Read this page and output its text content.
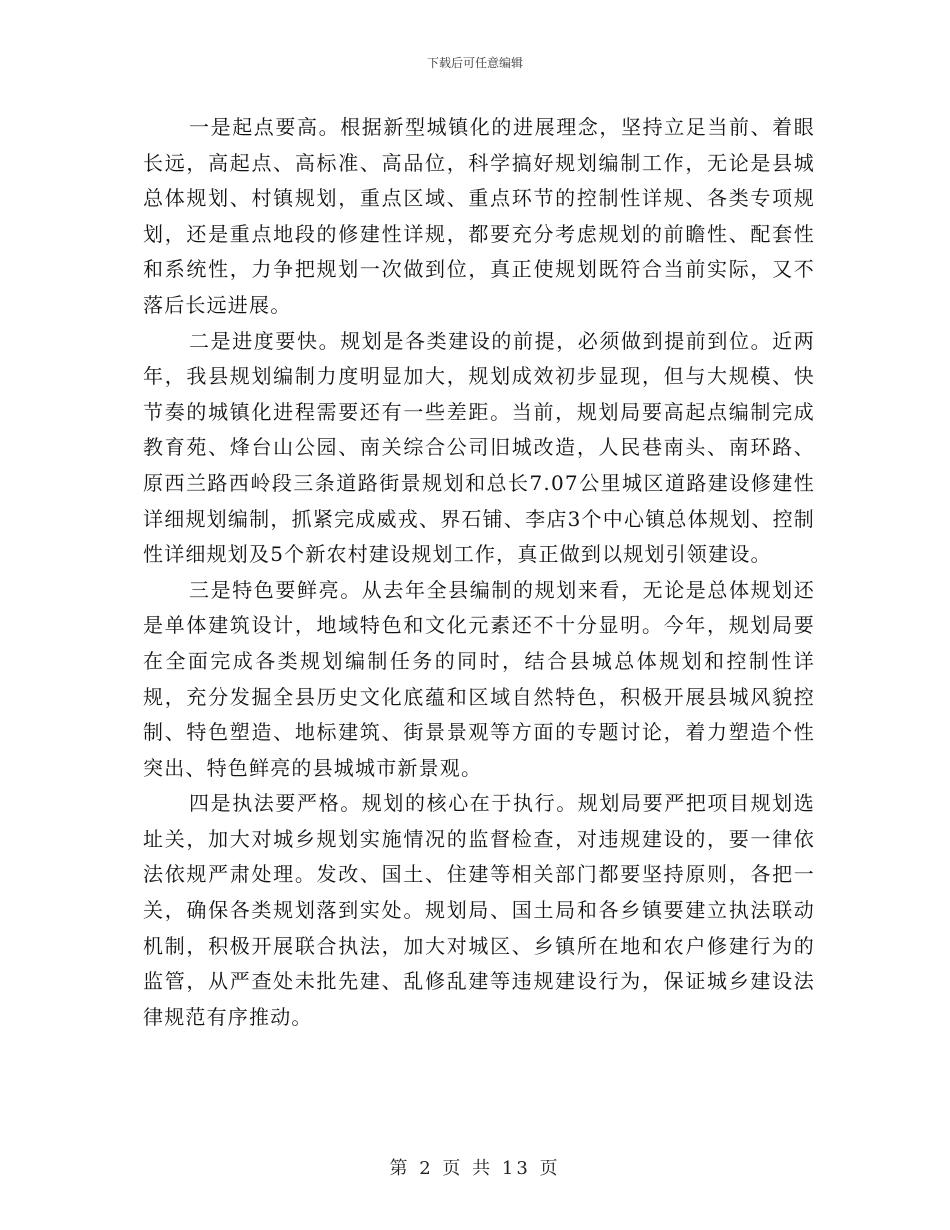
下载后可任意编辑

一是起点要高。根据新型城镇化的进展理念，坚持立足当前、着眼长远，高起点、高标准、高品位，科学搞好规划编制工作，无论是县城总体规划、村镇规划，重点区域、重点环节的控制性详规、各类专项规划，还是重点地段的修建性详规，都要充分考虑规划的前瞻性、配套性和系统性，力争把规划一次做到位，真正使规划既符合当前实际，又不落后长远进展。

二是进度要快。规划是各类建设的前提，必须做到提前到位。近两年，我县规划编制力度明显加大，规划成效初步显现，但与大规模、快节奏的城镇化进程需要还有一些差距。当前，规划局要高起点编制完成教育苑、烽台山公园、南关综合公司旧城改造，人民巷南头、南环路、原西兰路西岭段三条道路街景规划和总长7.07公里城区道路建设修建性详细规划编制，抓紧完成威戎、界石铺、李店3个中心镇总体规划、控制性详细规划及5个新农村建设规划工作，真正做到以规划引领建设。

三是特色要鲜亮。从去年全县编制的规划来看，无论是总体规划还是单体建筑设计，地域特色和文化元素还不十分显明。今年，规划局要在全面完成各类规划编制任务的同时，结合县城总体规划和控制性详规，充分发掘全县历史文化底蕴和区域自然特色，积极开展县城风貌控制、特色塑造、地标建筑、街景景观等方面的专题讨论，着力塑造个性突出、特色鲜亮的县城城市新景观。

四是执法要严格。规划的核心在于执行。规划局要严把项目规划选址关，加大对城乡规划实施情况的监督检查，对违规建设的，要一律依法依规严肃处理。发改、国土、住建等相关部门都要坚持原则，各把一关，确保各类规划落到实处。规划局、国土局和各乡镇要建立执法联动机制，积极开展联合执法，加大对城区、乡镇所在地和农户修建行为的监管，从严查处未批先建、乱修乱建等违规建设行为，保证城乡建设法律规范有序推动。

第 2 页 共 13 页
